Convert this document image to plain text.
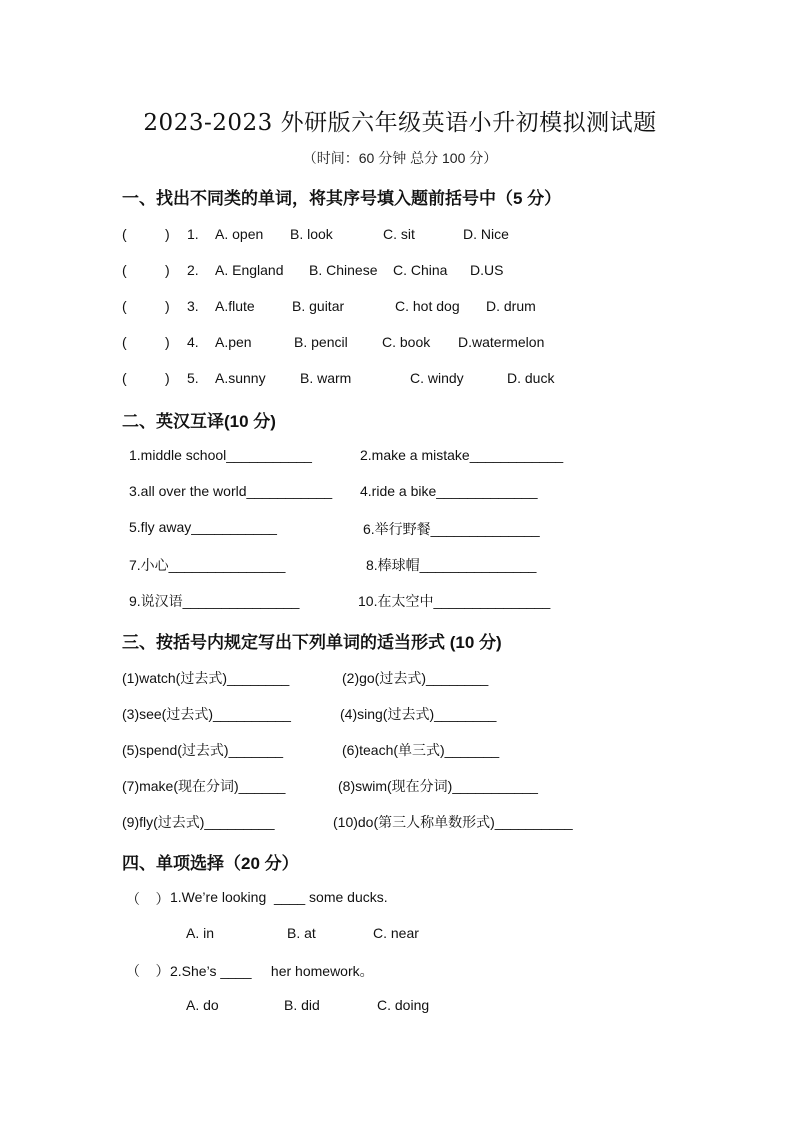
2023-2023 外研版六年级英语小升初模拟测试题
（时间：60 分钟 总分 100 分）
一、找出不同类的单词，将其序号填入题前括号中（5 分）
(	) 1. A. open B. look	C. sit	D. Nice
(	) 2. A. England B. Chinese C. China D.US
(	) 3. A.flute	B. guitar	C. hot dog D. drum
(	) 4. A.pen	B. pencil C. book D.watermelon
(	) 5. A.sunny B. warm	C. windy	D. duck
二、英汉互译(10 分)
1.middle school___________	2.make a mistake____________
3.all over the world___________ 4.ride a bike_____________
5.fly away___________	6.举行野餐______________
7.小心_______________	8.棒球帽_______________
9.说汉语_______________	10.在太空中_______________
三、按括号内规定写出下列单词的适当形式 (10 分)
(1)watch(过去式)________	(2)go(过去式)________
(3)see(过去式)__________	(4)sing(过去式)________
(5)spend(过去式)_______	(6)teach(单三式)_______
(7)make(现在分词)______	(8)swim(现在分词)___________
(9)fly(过去式)_________	(10)do(第三人称单数形式)__________
四、单项选择（20 分）
（    ） 1.We’re looking  ____ some ducks.
A. in	B. at	C. near
（    ） 2.She’s ____     her homework。
A. do	B. did	C. doing
